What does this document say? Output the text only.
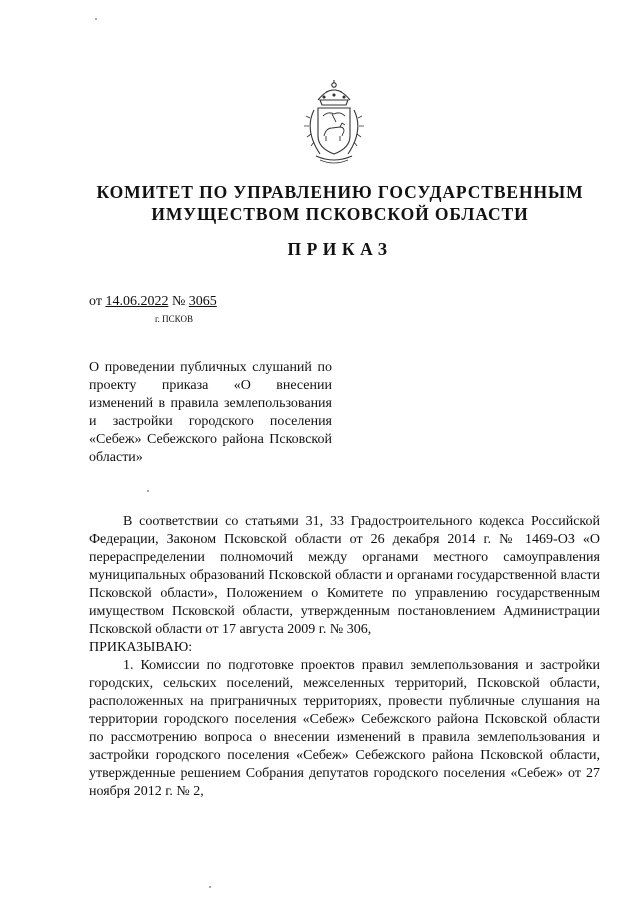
КОМИТЕТ ПО УПРАВЛЕНИЮ ГОСУДАРСТВЕННЫМ
ИМУЩЕСТВОМ ПСКОВСКОЙ ОБЛАСТИ
ПРИКАЗ
от 14.06.2022 № 3065
г. ПСКОВ
О проведении публичных слушаний по проекту приказа «О внесении изменений в правила землепользования и застройки городского поселения «Себеж» Себежского района Псковской области»

В соответствии со статьями 31, 33 Градостроительного кодекса Российской Федерации, Законом Псковской области от 26 декабря 2014 г. № 1469-ОЗ «О перераспределении полномочий между органами местного самоуправления муниципальных образований Псковской области и органами государственной власти Псковской области», Положением о Комитете по управлению государственным имуществом Псковской области, утвержденным постановлением Администрации Псковской области от 17 августа 2009 г. № 306,

ПРИКАЗЫВАЮ:

1. Комиссии по подготовке проектов правил землепользования и застройки городских, сельских поселений, межселенных территорий, Псковской области, расположенных на приграничных территориях, провести публичные слушания на территории городского поселения «Себеж» Себежского района Псковской области по рассмотрению вопроса о внесении изменений в правила землепользования и застройки городского поселения «Себеж» Себежского района Псковской области, утвержденные решением Собрания депутатов городского поселения «Себеж» от 27 ноября 2012 г. № 2,
